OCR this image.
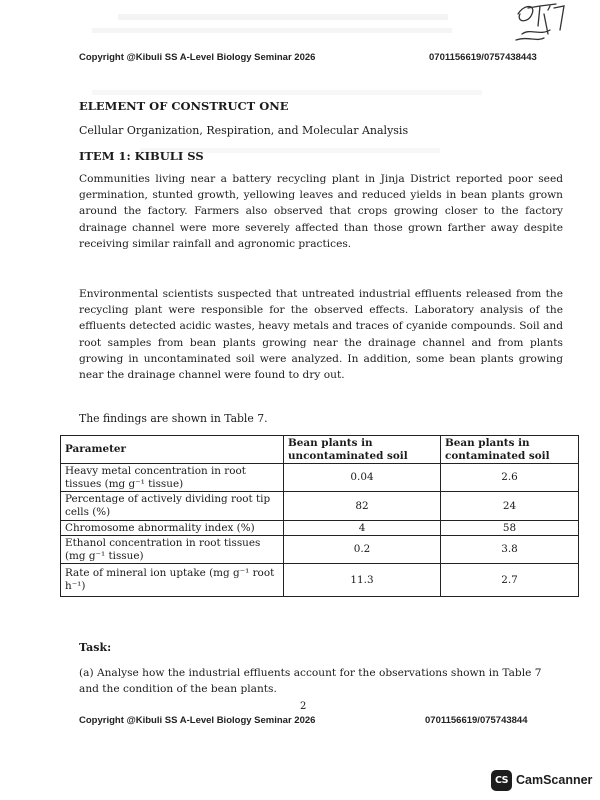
Copyright @Kibuli SS A-Level Biology Seminar 2026	0701156619/0757438443
ELEMENT OF CONSTRUCT ONE
Cellular Organization, Respiration, and Molecular Analysis
ITEM 1: KIBULI SS
Communities living near a battery recycling plant in Jinja District reported poor seed germination, stunted growth, yellowing leaves and reduced yields in bean plants grown around the factory. Farmers also observed that crops growing closer to the factory drainage channel were more severely affected than those grown farther away despite receiving similar rainfall and agronomic practices.
Environmental scientists suspected that untreated industrial effluents released from the recycling plant were responsible for the observed effects. Laboratory analysis of the effluents detected acidic wastes, heavy metals and traces of cyanide compounds. Soil and root samples from bean plants growing near the drainage channel and from plants growing in uncontaminated soil were analyzed. In addition, some bean plants growing near the drainage channel were found to dry out.
The findings are shown in Table 7.
Parameter	Bean plants in uncontaminated soil	Bean plants in contaminated soil
Heavy metal concentration in root tissues (mg g⁻¹ tissue)	0.04	2.6
Percentage of actively dividing root tip cells (%)	82	24
Chromosome abnormality index (%)	4	58
Ethanol concentration in root tissues (mg g⁻¹ tissue)	0.2	3.8
Rate of mineral ion uptake (mg g⁻¹ root h⁻¹)	11.3	2.7
Task:
(a) Analyse how the industrial effluents account for the observations shown in Table 7 and the condition of the bean plants.
2
Copyright @Kibuli SS A-Level Biology Seminar 2026	0701156619/075743844
CS CamScanner
